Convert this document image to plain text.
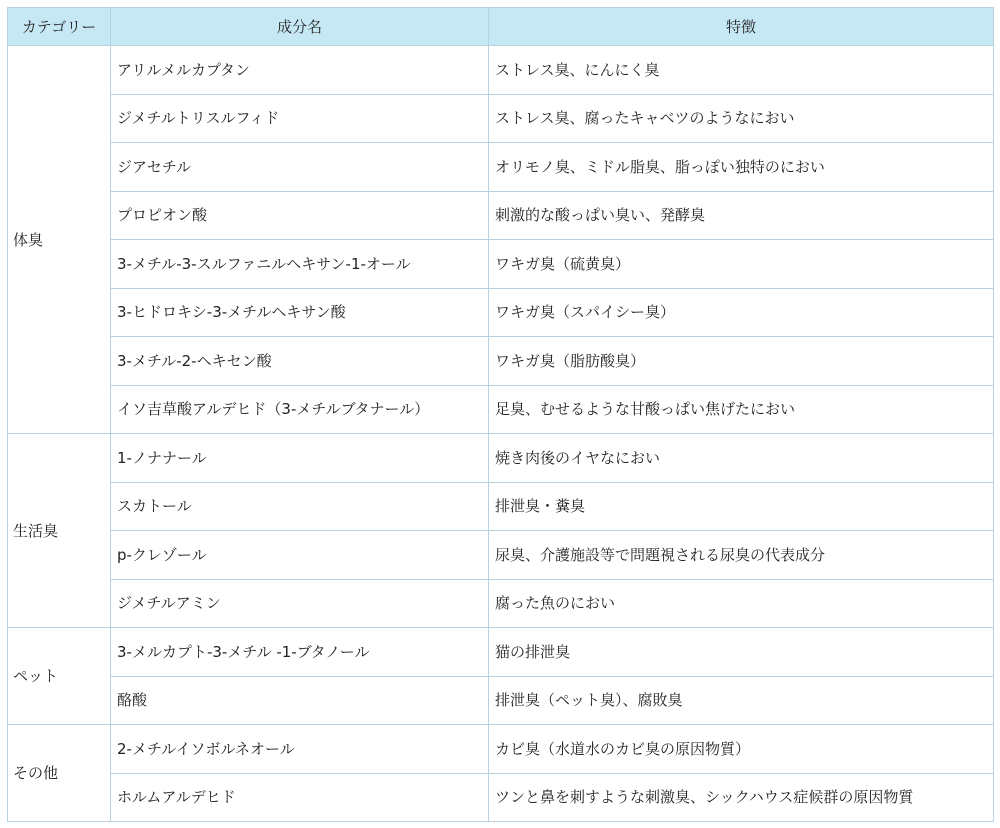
カテゴリー	成分名	特徴
体臭	アリルメルカプタン	ストレス臭、にんにく臭
	ジメチルトリスルフィド	ストレス臭、腐ったキャベツのようなにおい
	ジアセチル	オリモノ臭、ミドル脂臭、脂っぽい独特のにおい
	プロピオン酸	刺激的な酸っぱい臭い、発酵臭
	3-メチル-3-スルファニルヘキサン-1-オール	ワキガ臭（硫黄臭）
	3-ヒドロキシ-3-メチルヘキサン酸	ワキガ臭（スパイシー臭）
	3-メチル-2-ヘキセン酸	ワキガ臭（脂肪酸臭）
	イソ吉草酸アルデヒド（3-メチルブタナール）	足臭、むせるような甘酸っぱい焦げたにおい
生活臭	1-ノナナール	焼き肉後のイヤなにおい
	スカトール	排泄臭・糞臭
	p-クレゾール	尿臭、介護施設等で問題視される尿臭の代表成分
	ジメチルアミン	腐った魚のにおい
ペット	3-メルカプト-3-メチル -1-ブタノール	猫の排泄臭
	酪酸	排泄臭（ペット臭）、腐敗臭
その他	2-メチルイソボルネオール	カビ臭（水道水のカビ臭の原因物質）
	ホルムアルデヒド	ツンと鼻を刺すような刺激臭、シックハウス症候群の原因物質
